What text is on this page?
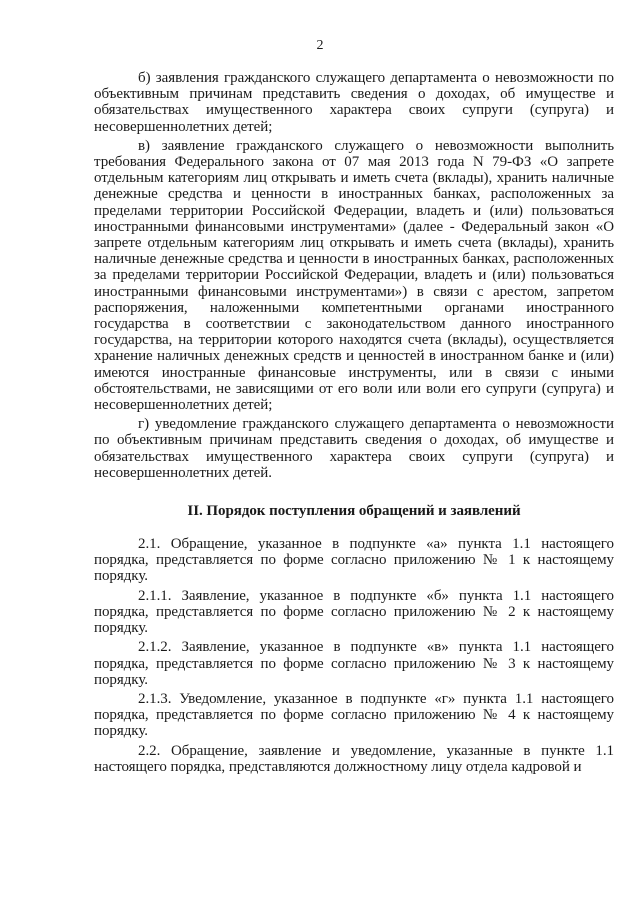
2

б) заявления гражданского служащего департамента о невозможности по объективным причинам представить сведения о доходах, об имуществе и обязательствах имущественного характера своих супруги (супруга) и несовершеннолетних детей;

в) заявление гражданского служащего о невозможности выполнить требования Федерального закона от 07 мая 2013 года N 79-ФЗ «О запрете отдельным категориям лиц открывать и иметь счета (вклады), хранить наличные денежные средства и ценности в иностранных банках, расположенных за пределами территории Российской Федерации, владеть и (или) пользоваться иностранными финансовыми инструментами» (далее - Федеральный закон «О запрете отдельным категориям лиц открывать и иметь счета (вклады), хранить наличные денежные средства и ценности в иностранных банках, расположенных за пределами территории Российской Федерации, владеть и (или) пользоваться иностранными финансовыми инструментами») в связи с арестом, запретом распоряжения, наложенными компетентными органами иностранного государства в соответствии с законодательством данного иностранного государства, на территории которого находятся счета (вклады), осуществляется хранение наличных денежных средств и ценностей в иностранном банке и (или) имеются иностранные финансовые инструменты, или в связи с иными обстоятельствами, не зависящими от его воли или воли его супруги (супруга) и несовершеннолетних детей;

г) уведомление гражданского служащего департамента о невозможности по объективным причинам представить сведения о доходах, об имуществе и обязательствах имущественного характера своих супруги (супруга) и несовершеннолетних детей.

II. Порядок поступления обращений и заявлений

2.1. Обращение, указанное в подпункте «а» пункта 1.1 настоящего порядка, представляется по форме согласно приложению № 1 к настоящему порядку.

2.1.1. Заявление, указанное в подпункте «б» пункта 1.1 настоящего порядка, представляется по форме согласно приложению № 2 к настоящему порядку.

2.1.2. Заявление, указанное в подпункте «в» пункта 1.1 настоящего порядка, представляется по форме согласно приложению № 3 к настоящему порядку.

2.1.3. Уведомление, указанное в подпункте «г» пункта 1.1 настоящего порядка, представляется по форме согласно приложению № 4 к настоящему порядку.

2.2. Обращение, заявление и уведомление, указанные в пункте 1.1 настоящего порядка, представляются должностному лицу отдела кадровой и
